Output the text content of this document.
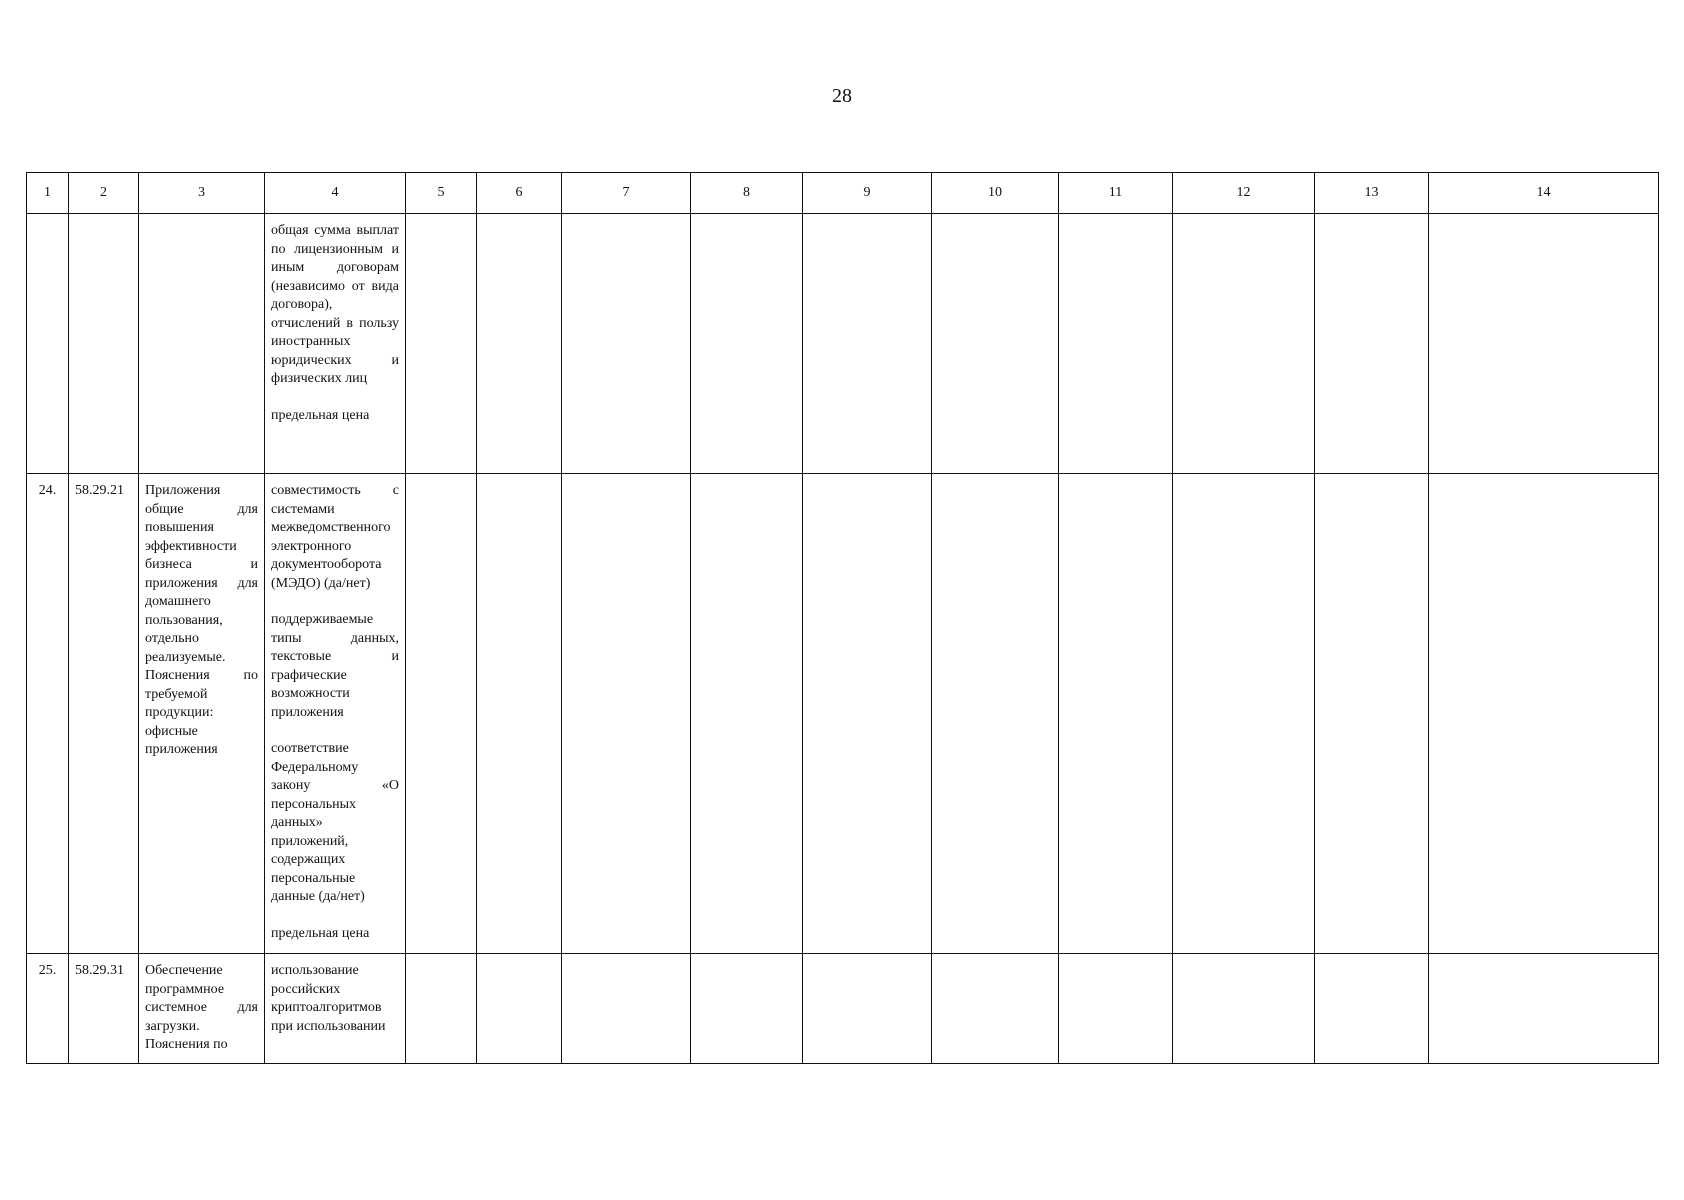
28
1	2	3	4	5	6	7	8	9	10	11	12	13	14

			общая сумма выплат по лицензионным и иным договорам (независимо от вида договора), отчислений в пользу иностранных юридических и физических лиц

предельная цена										

24.	58.29.21	Приложения общие для повышения эффективности бизнеса и приложения для домашнего пользования, отдельно реализуемые. Пояснения по требуемой продукции: офисные приложения	совместимость с системами межведомственного электронного документооборота (МЭДО) (да/нет)

поддерживаемые типы данных, текстовые и графические возможности приложения

соответствие Федеральному закону «О персональных данных» приложений, содержащих персональные данные (да/нет)

предельная цена										

25.	58.29.31	Обеспечение программное системное для загрузки. Пояснения по	использование российских криптоалгоритмов при использовании										
